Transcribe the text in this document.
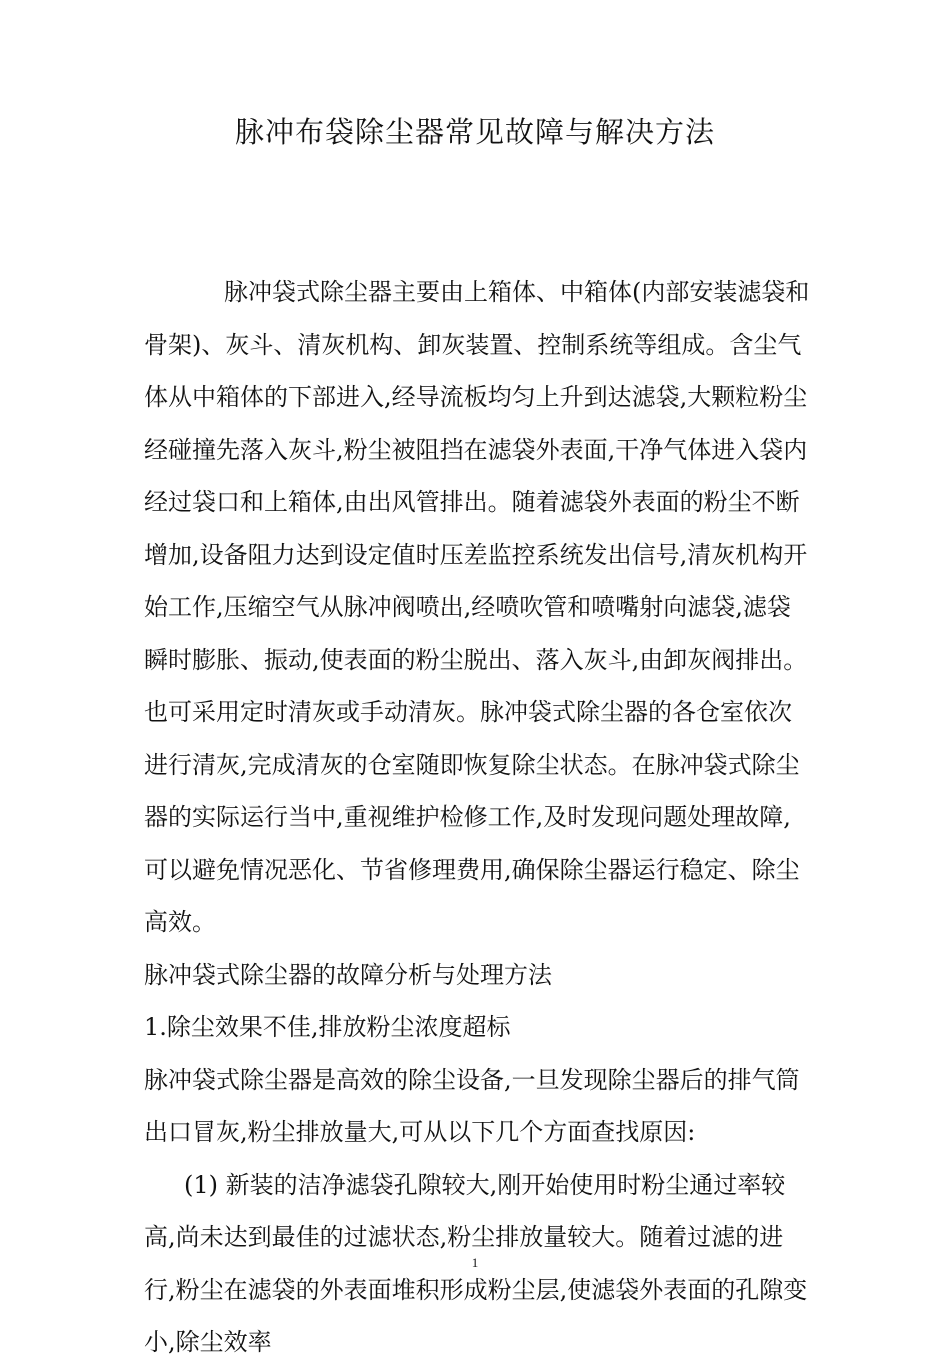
脉冲布袋除尘器常见故障与解决方法

脉冲袋式除尘器主要由上箱体、中箱体(内部安装滤袋和骨架)、灰斗、清灰机构、卸灰装置、控制系统等组成。含尘气体从中箱体的下部进入,经导流板均匀上升到达滤袋,大颗粒粉尘经碰撞先落入灰斗,粉尘被阻挡在滤袋外表面,干净气体进入袋内经过袋口和上箱体,由出风管排出。随着滤袋外表面的粉尘不断增加,设备阻力达到设定值时压差监控系统发出信号,清灰机构开始工作,压缩空气从脉冲阀喷出,经喷吹管和喷嘴射向滤袋,滤袋瞬时膨胀、振动,使表面的粉尘脱出、落入灰斗,由卸灰阀排出。也可采用定时清灰或手动清灰。脉冲袋式除尘器的各仓室依次进行清灰,完成清灰的仓室随即恢复除尘状态。在脉冲袋式除尘器的实际运行当中,重视维护检修工作,及时发现问题处理故障,可以避免情况恶化、节省修理费用,确保除尘器运行稳定、除尘高效。

脉冲袋式除尘器的故障分析与处理方法

1.除尘效果不佳,排放粉尘浓度超标

脉冲袋式除尘器是高效的除尘设备,一旦发现除尘器后的排气筒出口冒灰,粉尘排放量大,可从以下几个方面查找原因:

(1) 新装的洁净滤袋孔隙较大,刚开始使用时粉尘通过率较高,尚未达到最佳的过滤状态,粉尘排放量较大。随着过滤的进行,粉尘在滤袋的外表面堆积形成粉尘层,使滤袋外表面的孔隙变小,除尘效率

1
